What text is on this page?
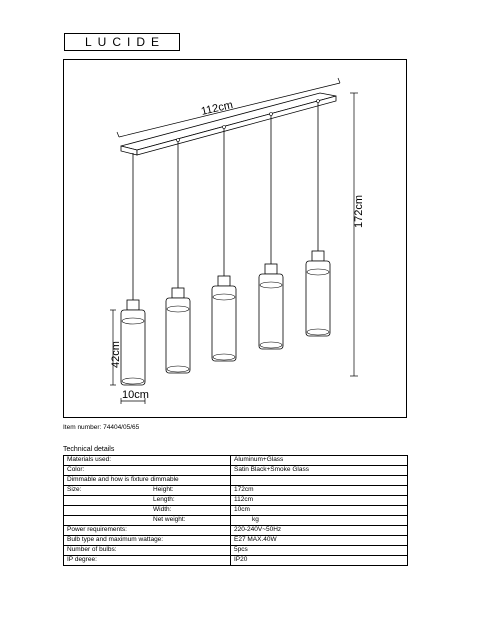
LUCIDE
112cm
172cm
42cm
10cm
Item number: 74404/05/65
Technical details
Materials used:	Aluminum+Glass
Color:	Satin Black+Smoke Glass
Dimmable and how is fixture dimmable	

Size: Height:	172cm

Length:	112cm

Width:	10cm

Net weight:	kg
Power requirements:	220-240V~50Hz
Bulb type and maximum wattage:	E27 MAX.40W
Number of bulbs:	5pcs
IP degree:	IP20
